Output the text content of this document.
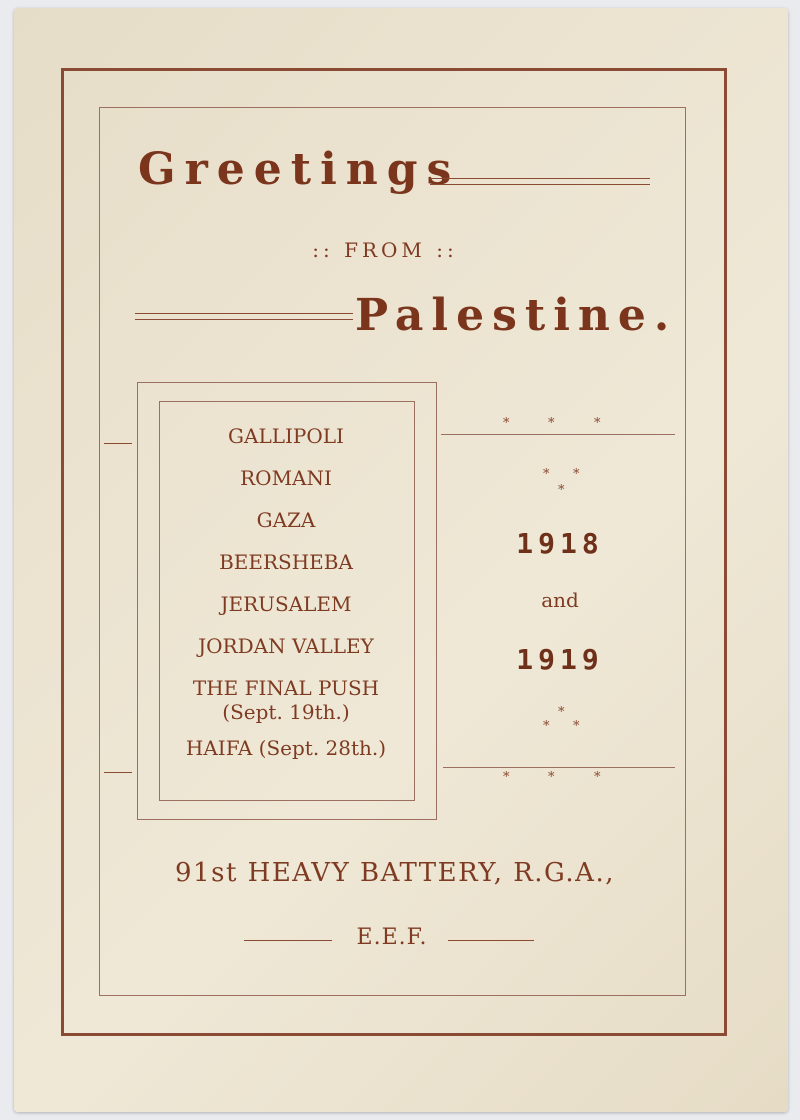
Greetings
:: FROM ::
Palestine.
GALLIPOLI
ROMANI
GAZA
BEERSHEBA
JERUSALEM
JORDAN VALLEY
THE FINAL PUSH
(Sept. 19th.)
HAIFA (Sept. 28th.)
*	*	*
* *
*
1918
and
1919
*
* *
*	*	*
91st HEAVY BATTERY, R.G.A.,
E.E.F.
